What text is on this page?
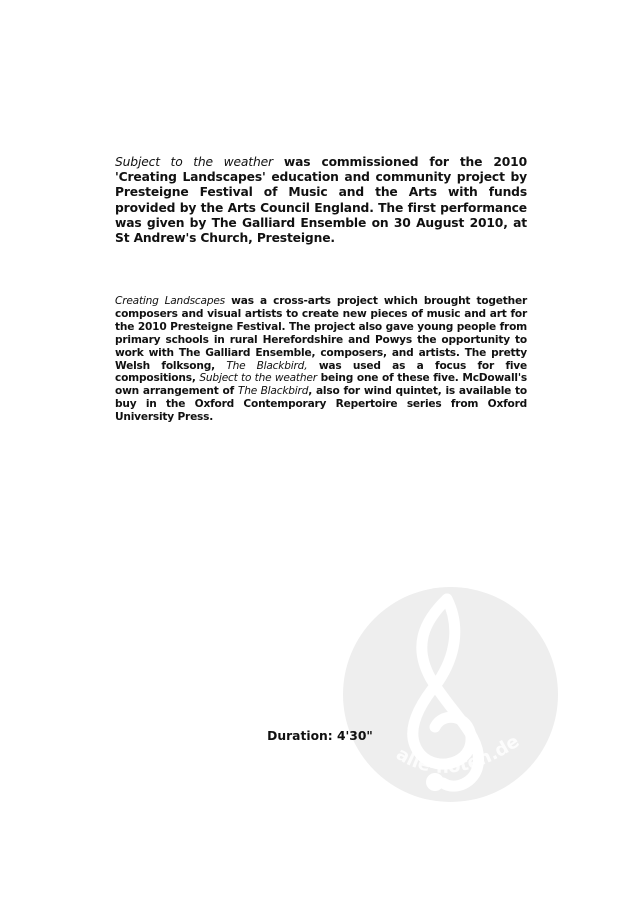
alle-noten.de

Subject to the weather was commissioned for the 2010 'Creating Landscapes' education and community project by Presteigne Festival of Music and the Arts with funds provided by the Arts Council England. The first performance was given by The Galliard Ensemble on 30 August 2010, at St Andrew's Church, Presteigne.

Creating Landscapes was a cross-arts project which brought together composers and visual artists to create new pieces of music and art for the 2010 Presteigne Festival. The project also gave young people from primary schools in rural Herefordshire and Powys the opportunity to work with The Galliard Ensemble, composers, and artists. The pretty Welsh folksong, The Blackbird, was used as a focus for five compositions, Subject to the weather being one of these five. McDowall's own arrangement of The Blackbird, also for wind quintet, is available to buy in the Oxford Contemporary Repertoire series from Oxford University Press.

Duration: 4'30"
